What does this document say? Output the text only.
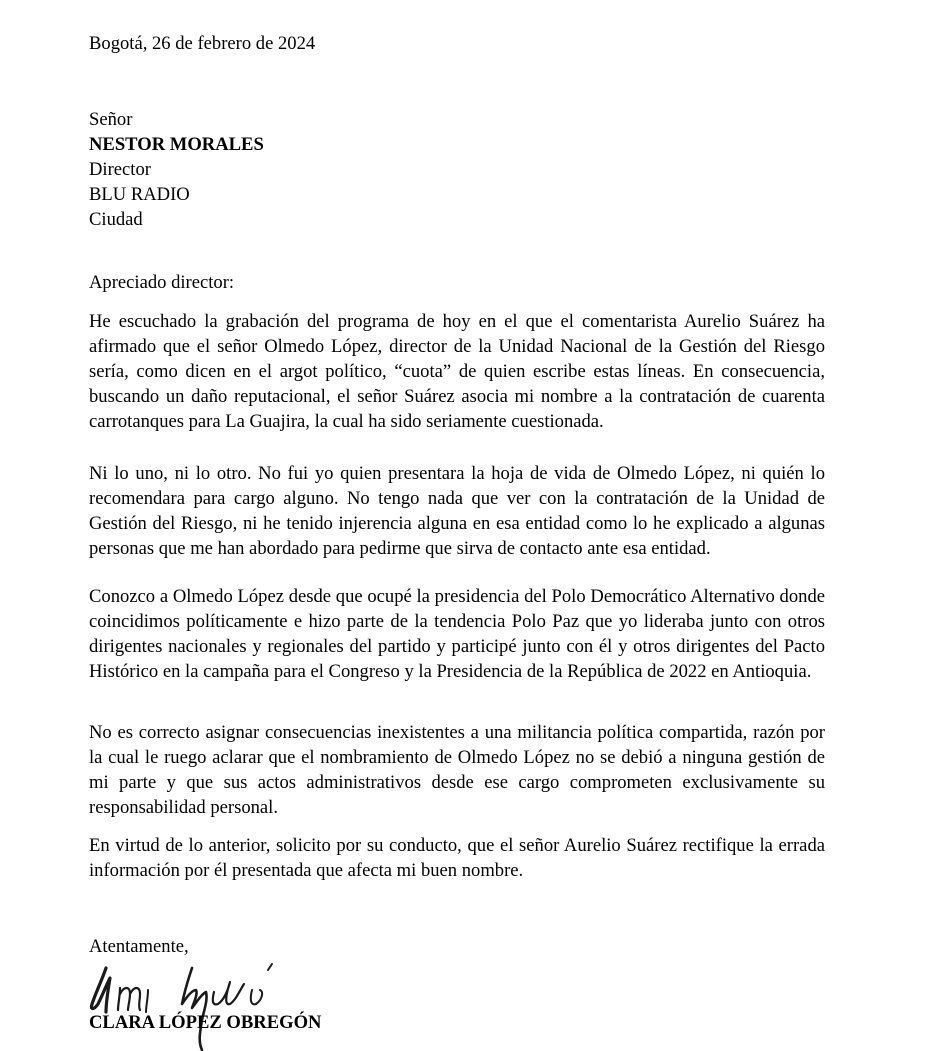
Bogotá, 26 de febrero de 2024
Señor
NESTOR MORALES
Director
BLU RADIO
Ciudad
Apreciado director:

He escuchado la grabación del programa de hoy en el que el comentarista Aurelio Suárez ha afirmado que el señor Olmedo López, director de la Unidad Nacional de la Gestión del Riesgo sería, como dicen en el argot político, “cuota” de quien escribe estas líneas. En consecuencia, buscando un daño reputacional, el señor Suárez asocia mi nombre a la contratación de cuarenta carrotanques para La Guajira, la cual ha sido seriamente cuestionada.

Ni lo uno, ni lo otro. No fui yo quien presentara la hoja de vida de Olmedo López, ni quién lo recomendara para cargo alguno. No tengo nada que ver con la contratación de la Unidad de Gestión del Riesgo, ni he tenido injerencia alguna en esa entidad como lo he explicado a algunas personas que me han abordado para pedirme que sirva de contacto ante esa entidad.

Conozco a Olmedo López desde que ocupé la presidencia del Polo Democrático Alternativo donde coincidimos políticamente e hizo parte de la tendencia Polo Paz que yo lideraba junto con otros dirigentes nacionales y regionales del partido y participé junto con él y otros dirigentes del Pacto Histórico en la campaña para el Congreso y la Presidencia de la República de 2022 en Antioquia.

No es correcto asignar consecuencias inexistentes a una militancia política compartida, razón por la cual le ruego aclarar que el nombramiento de Olmedo López no se debió a ninguna gestión de mi parte y que sus actos administrativos desde ese cargo comprometen exclusivamente su responsabilidad personal.

En virtud de lo anterior, solicito por su conducto, que el señor Aurelio Suárez rectifique la errada información por él presentada que afecta mi buen nombre.

Atentamente,
CLARA LÓPEZ OBREGÓN
